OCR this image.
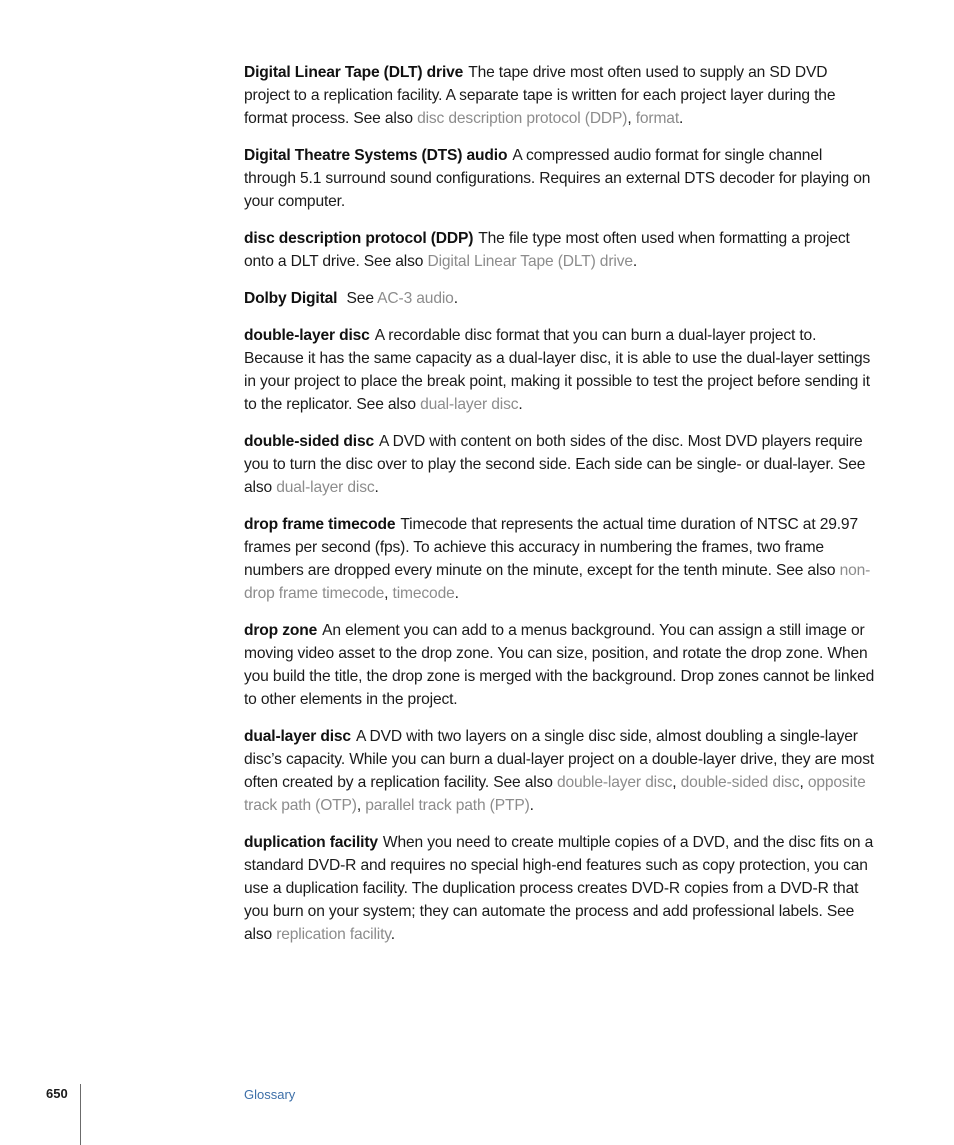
Digital Linear Tape (DLT) drive The tape drive most often used to supply an SD DVD project to a replication facility. A separate tape is written for each project layer during the format process. See also disc description protocol (DDP), format.

Digital Theatre Systems (DTS) audio A compressed audio format for single channel through 5.1 surround sound configurations. Requires an external DTS decoder for playing on your computer.

disc description protocol (DDP) The file type most often used when formatting a project onto a DLT drive. See also Digital Linear Tape (DLT) drive.

Dolby Digital See AC-3 audio.

double-layer disc A recordable disc format that you can burn a dual-layer project to. Because it has the same capacity as a dual-layer disc, it is able to use the dual-layer settings in your project to place the break point, making it possible to test the project before sending it to the replicator. See also dual-layer disc.

double-sided disc A DVD with content on both sides of the disc. Most DVD players require you to turn the disc over to play the second side. Each side can be single- or dual-layer. See also dual-layer disc.

drop frame timecode Timecode that represents the actual time duration of NTSC at 29.97 frames per second (fps). To achieve this accuracy in numbering the frames, two frame numbers are dropped every minute on the minute, except for the tenth minute. See also non-drop frame timecode, timecode.

drop zone An element you can add to a menus background. You can assign a still image or moving video asset to the drop zone. You can size, position, and rotate the drop zone. When you build the title, the drop zone is merged with the background. Drop zones cannot be linked to other elements in the project.

dual-layer disc A DVD with two layers on a single disc side, almost doubling a single-layer disc’s capacity. While you can burn a dual-layer project on a double-layer drive, they are most often created by a replication facility. See also double-layer disc, double-sided disc, opposite track path (OTP), parallel track path (PTP).

duplication facility When you need to create multiple copies of a DVD, and the disc fits on a standard DVD-R and requires no special high-end features such as copy protection, you can use a duplication facility. The duplication process creates DVD-R copies from a DVD-R that you burn on your system; they can automate the process and add professional labels. See also replication facility.

650	Glossary
